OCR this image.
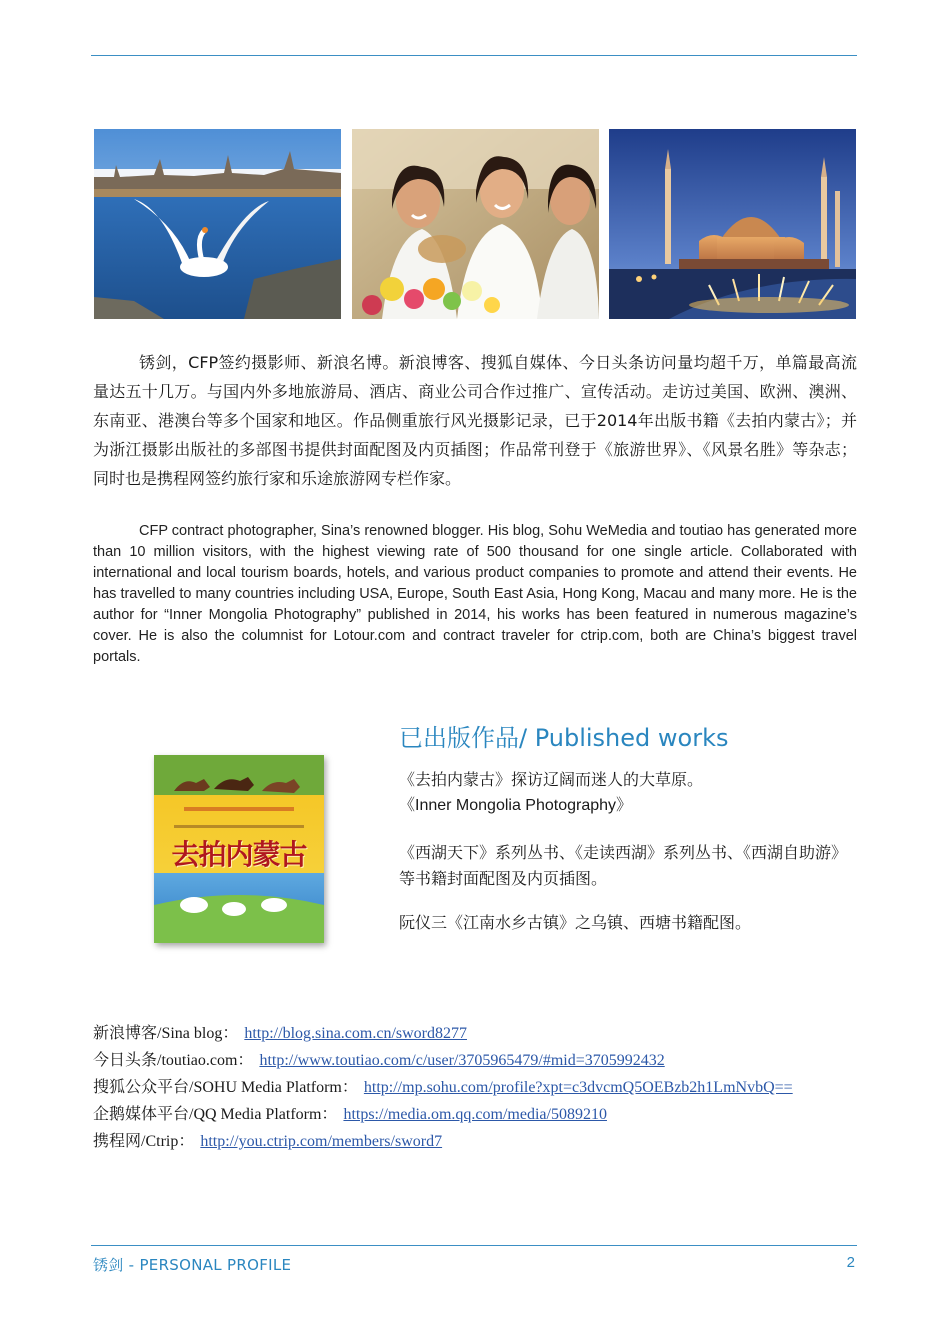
锈剑，CFP签约摄影师、新浪名博。新浪博客、搜狐自媒体、今日头条访问量均超千万，单篇最高流量达五十几万。与国内外多地旅游局、酒店、商业公司合作过推广、宣传活动。走访过美国、欧洲、澳洲、东南亚、港澳台等多个国家和地区。作品侧重旅行风光摄影记录，已于2014年出版书籍《去拍内蒙古》；并为浙江摄影出版社的多部图书提供封面配图及内页插图；作品常刊登于《旅游世界》、《风景名胜》等杂志；同时也是携程网签约旅行家和乐途旅游网专栏作家。

CFP contract photographer, Sina’s renowned blogger. His blog, Sohu WeMedia and toutiao has generated more than 10 million visitors, with the highest viewing rate of 500 thousand for one single article. Collaborated with international and local tourism boards, hotels, and various product companies to promote and attend their events. He has travelled to many countries including USA, Europe, South East Asia, Hong Kong, Macau and many more. He is the author for “Inner Mongolia Photography” published in 2014, his works has been featured in numerous magazine’s cover. He is also the columnist for Lotour.com and contract traveler for ctrip.com, both are China’s biggest travel portals.

去拍内蒙古
已出版作品/ Published works

《去拍内蒙古》探访辽阔而迷人的大草原。

《Inner Mongolia Photography》

《西湖天下》系列丛书、《走读西湖》系列丛书、《西湖自助游》等书籍封面配图及内页插图。

阮仪三《江南水乡古镇》之乌镇、西塘书籍配图。

新浪博客/Sina blog： http://blog.sina.com.cn/sword8277
今日头条/toutiao.com： http://www.toutiao.com/c/user/3705965479/#mid=3705992432
搜狐公众平台/SOHU Media Platform： http://mp.sohu.com/profile?xpt=c3dvcmQ5OEBzb2h1LmNvbQ==
企鹅媒体平台/QQ Media Platform： https://media.om.qq.com/media/5089210
携程网/Ctrip： http://you.ctrip.com/members/sword7
锈剑 - PERSONAL PROFILE	2
